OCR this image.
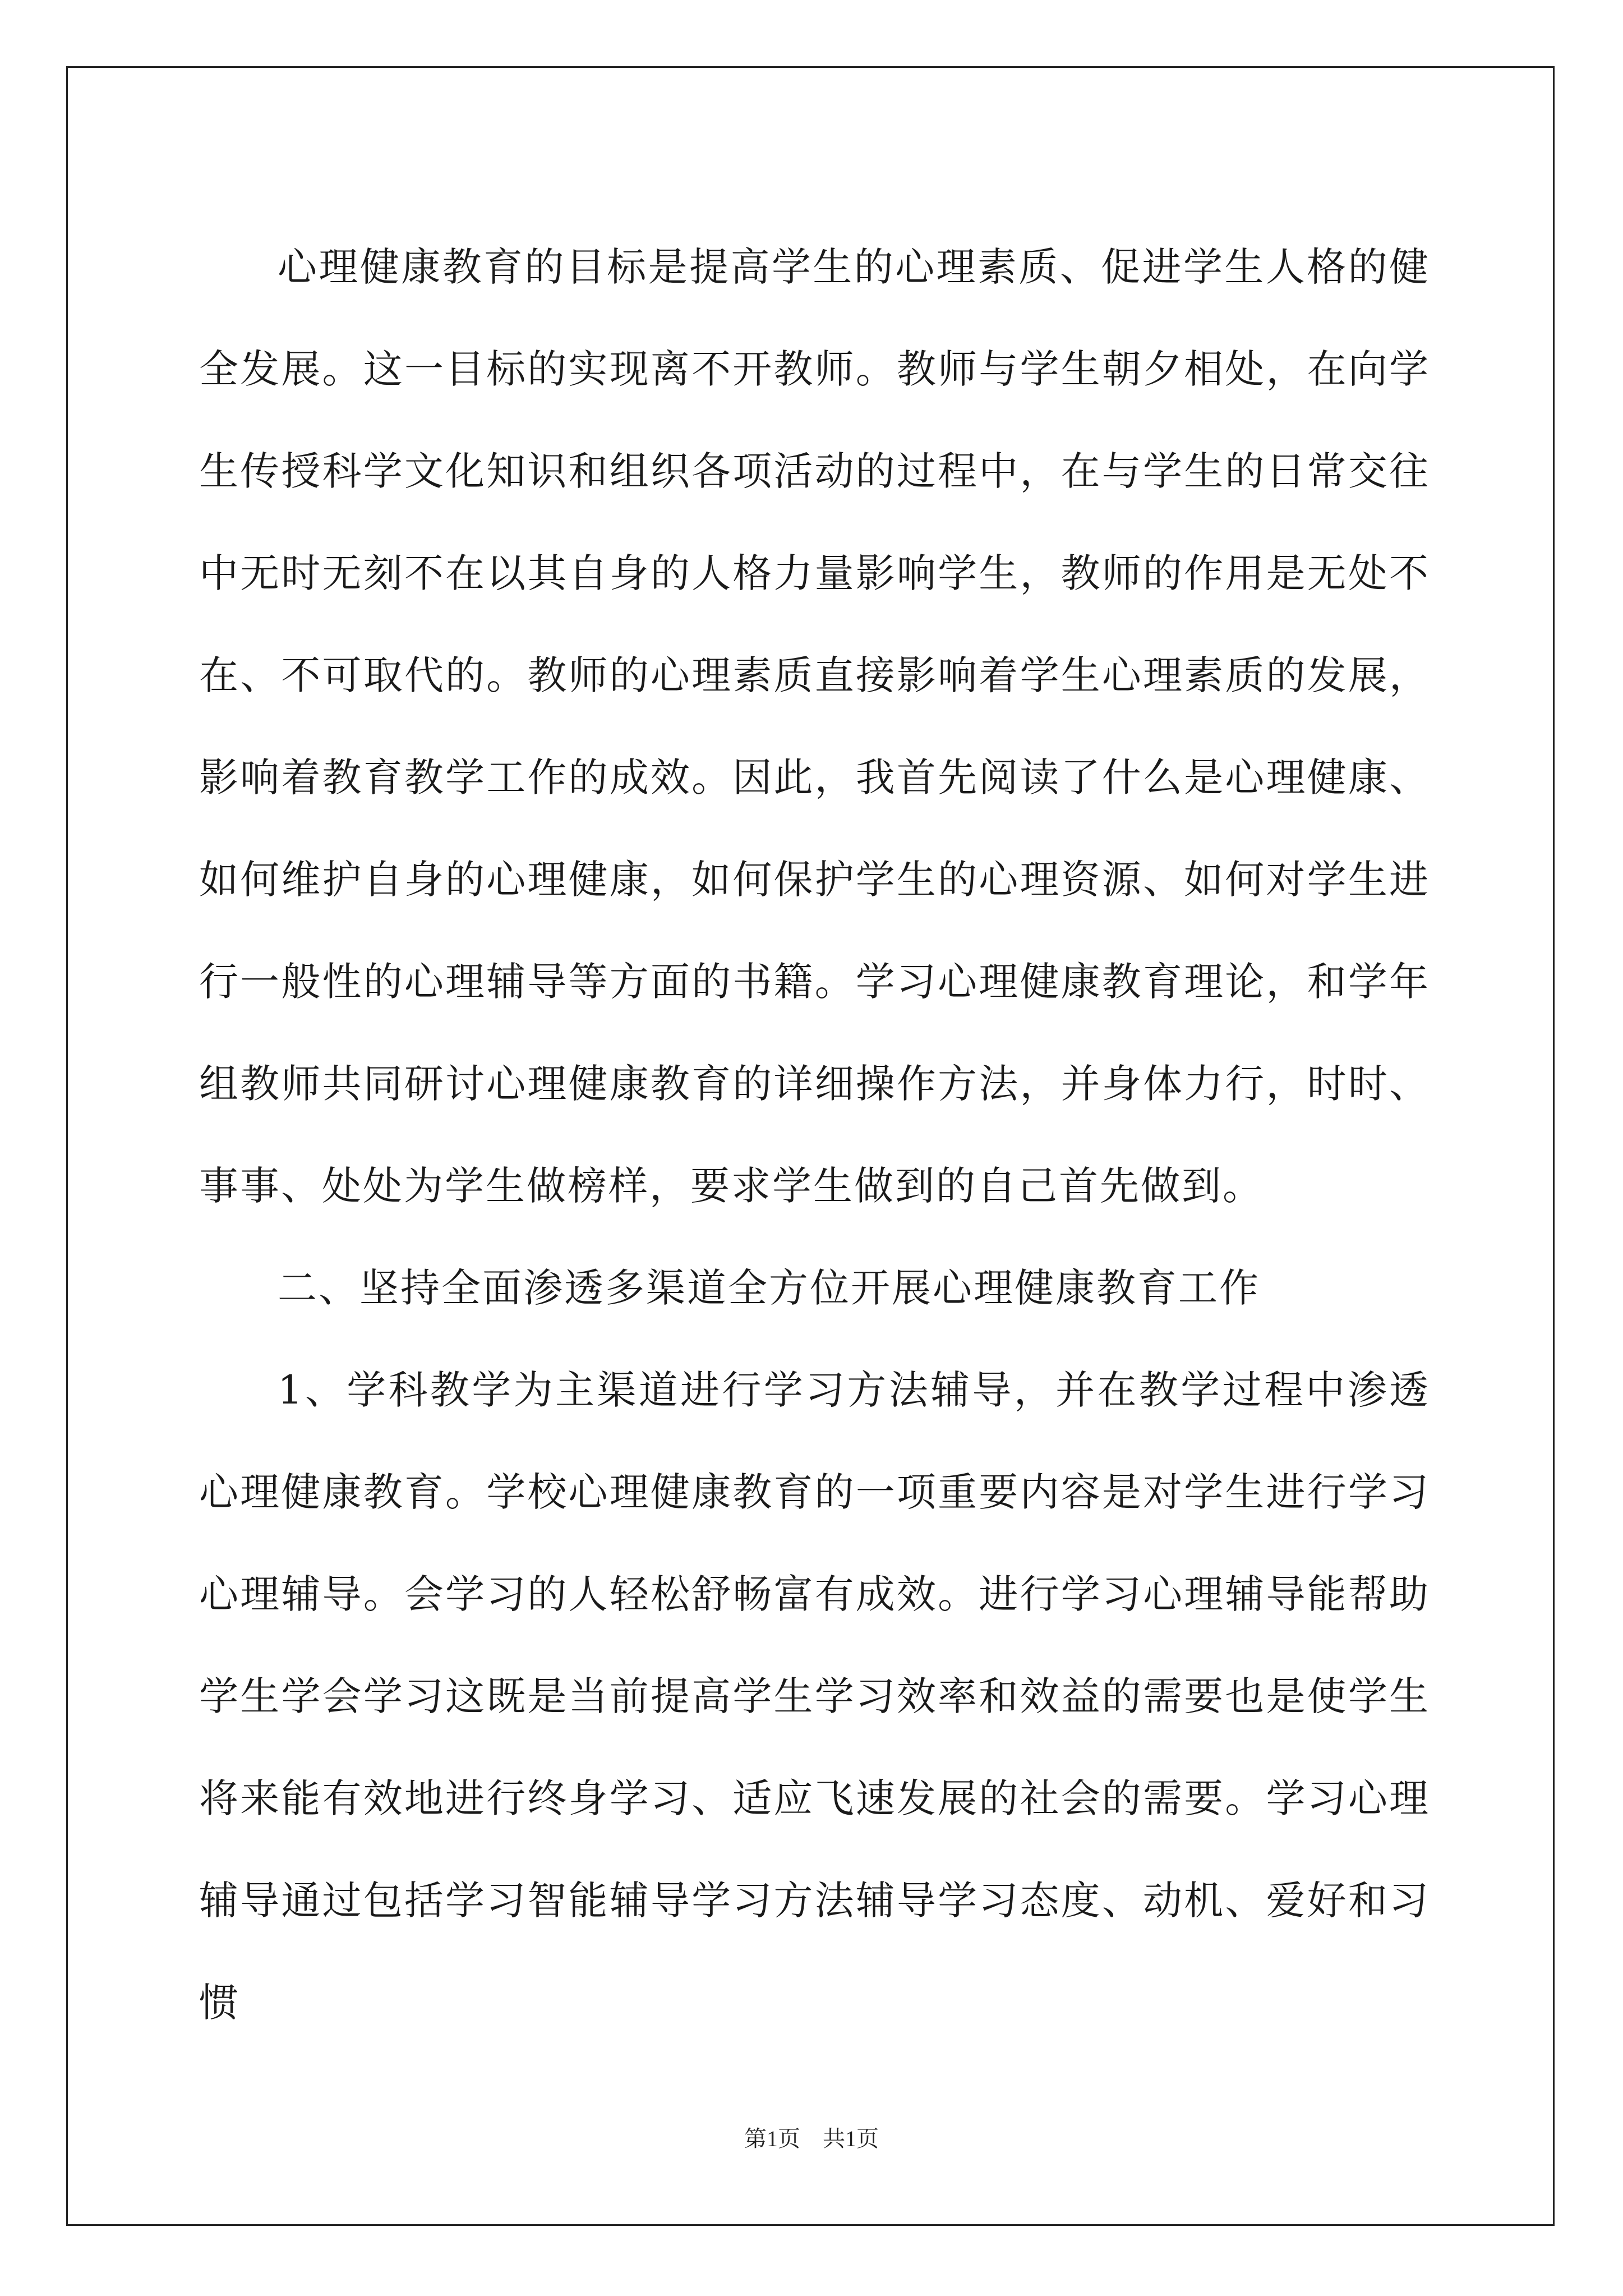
心理健康教育的目标是提高学生的心理素质、促进学生人格的健全发展。这一目标的实现离不开教师。教师与学生朝夕相处，在向学生传授科学文化知识和组织各项活动的过程中，在与学生的日常交往中无时无刻不在以其自身的人格力量影响学生，教师的作用是无处不在、不可取代的。教师的心理素质直接影响着学生心理素质的发展，影响着教育教学工作的成效。因此，我首先阅读了什么是心理健康、如何维护自身的心理健康，如何保护学生的心理资源、如何对学生进行一般性的心理辅导等方面的书籍。学习心理健康教育理论，和学年组教师共同研讨心理健康教育的详细操作方法，并身体力行，时时、事事、处处为学生做榜样，要求学生做到的自己首先做到。

二、坚持全面渗透多渠道全方位开展心理健康教育工作

1、学科教学为主渠道进行学习方法辅导，并在教学过程中渗透心理健康教育。学校心理健康教育的一项重要内容是对学生进行学习心理辅导。会学习的人轻松舒畅富有成效。进行学习心理辅导能帮助学生学会学习这既是当前提高学生学习效率和效益的需要也是使学生将来能有效地进行终身学习、适应飞速发展的社会的需要。学习心理辅导通过包括学习智能辅导学习方法辅导学习态度、动机、爱好和习惯

第1页　共1页
